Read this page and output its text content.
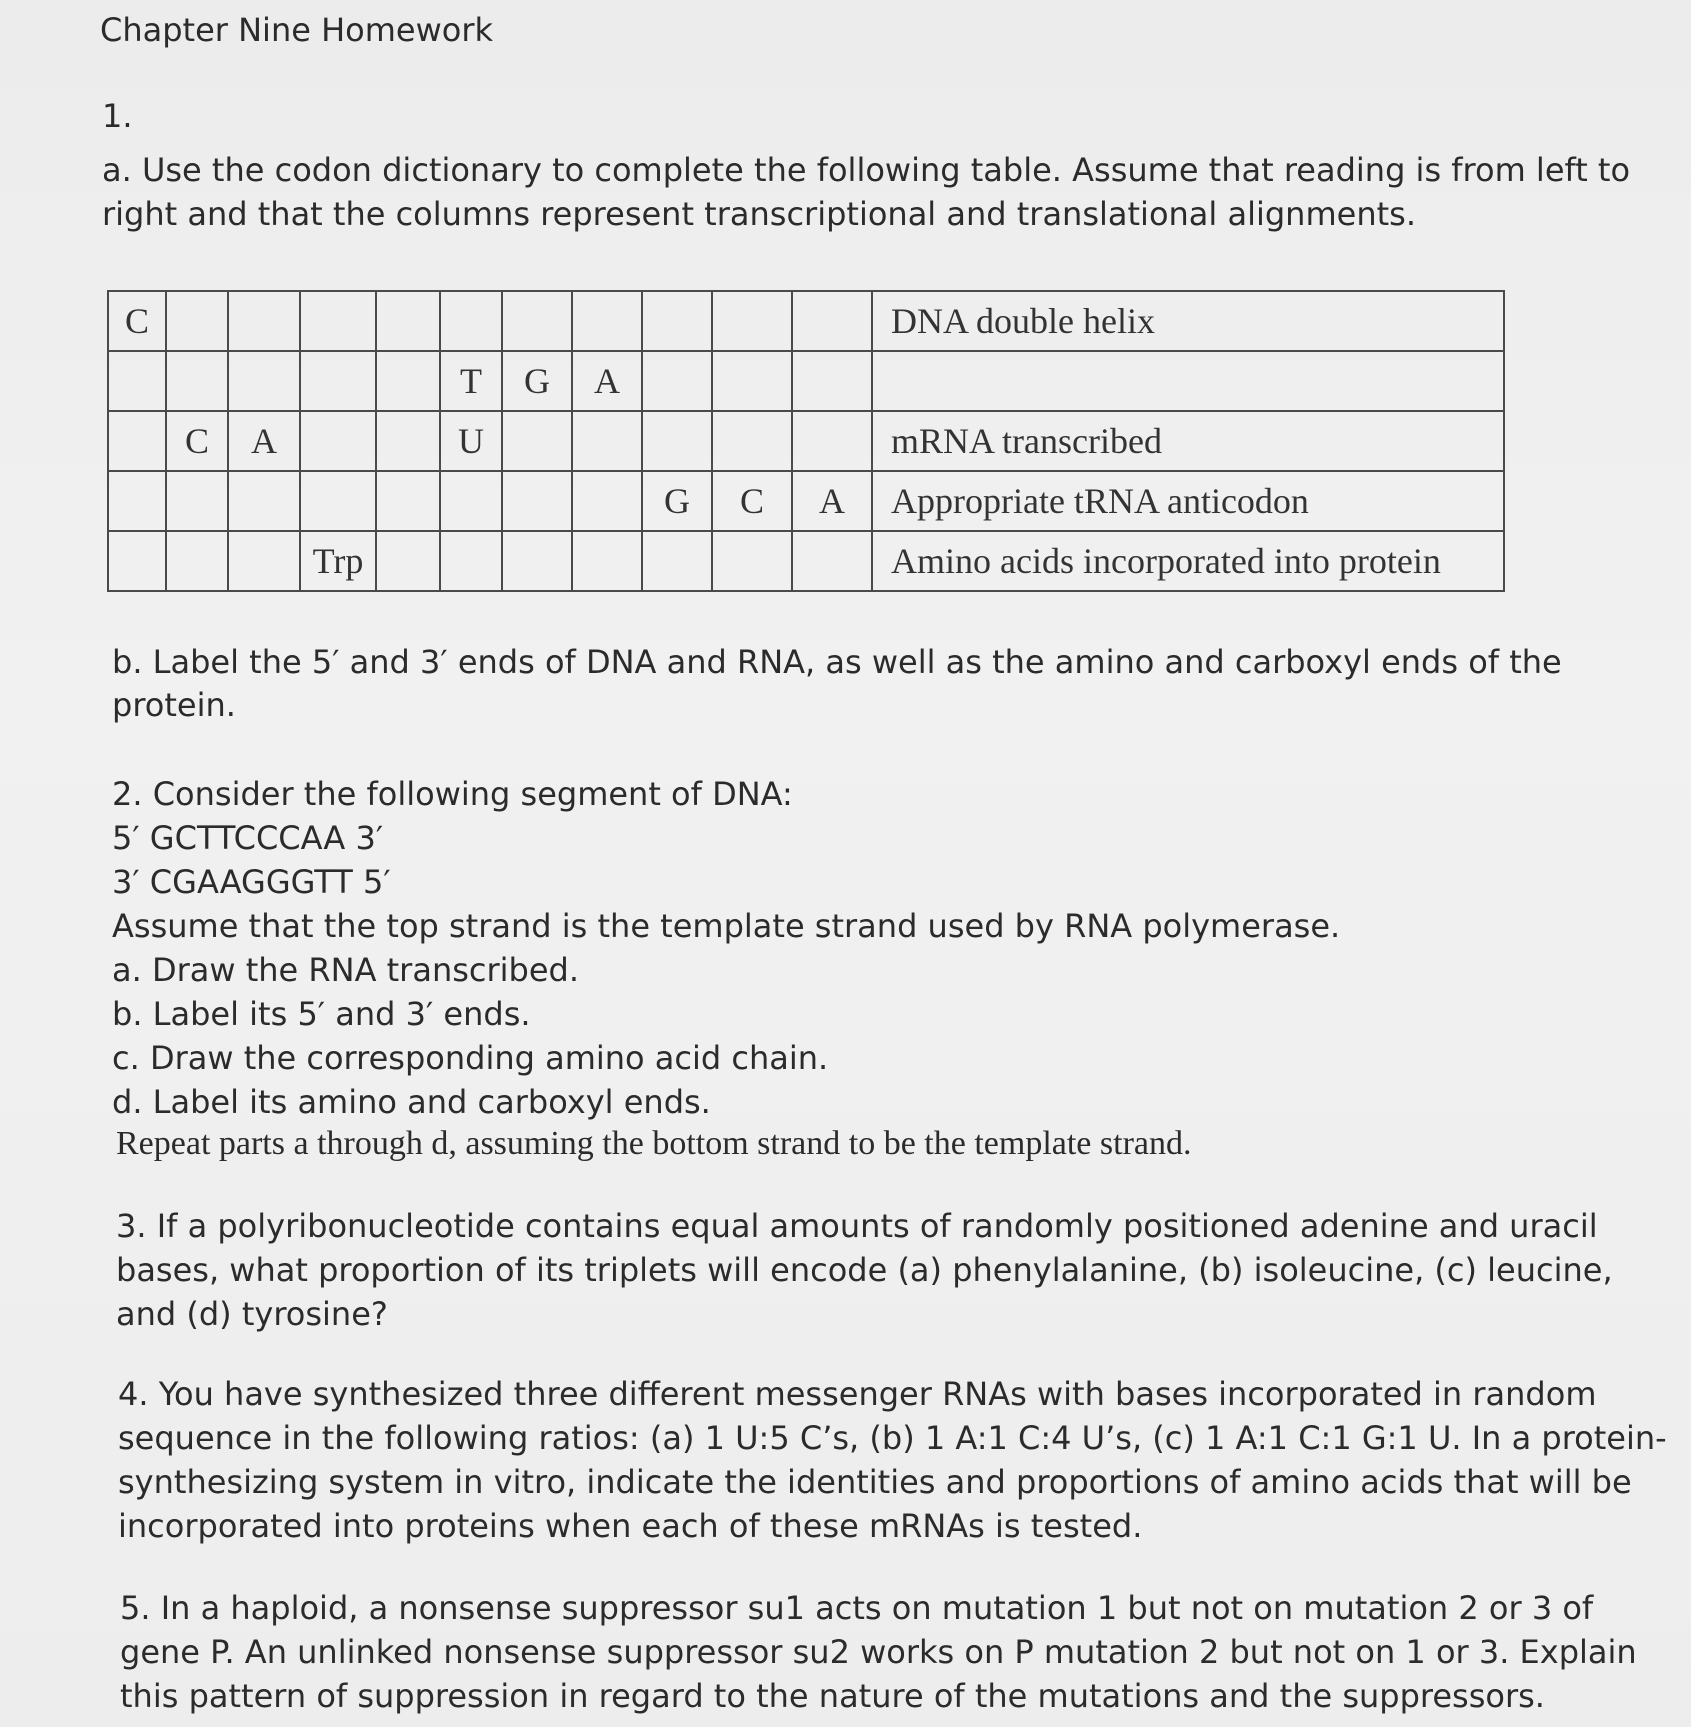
Chapter Nine Homework
1.
a. Use the codon dictionary to complete the following table. Assume that reading is from left to
right and that the columns represent transcriptional and translational alignments.
C											DNA double helix
					T	G	A				
	C	A			U						mRNA transcribed
								G	C	A	Appropriate tRNA anticodon
			Trp								Amino acids incorporated into protein
b. Label the 5′ and 3′ ends of DNA and RNA, as well as the amino and carboxyl ends of the
protein.
2. Consider the following segment of DNA:
5′ GCTTCCCAA 3′
3′ CGAAGGGTT 5′
Assume that the top strand is the template strand used by RNA polymerase.
a. Draw the RNA transcribed.
b. Label its 5′ and 3′ ends.
c. Draw the corresponding amino acid chain.
d. Label its amino and carboxyl ends.
Repeat parts a through d, assuming the bottom strand to be the template strand.
3. If a polyribonucleotide contains equal amounts of randomly positioned adenine and uracil
bases, what proportion of its triplets will encode (a) phenylalanine, (b) isoleucine, (c) leucine,
and (d) tyrosine?
4. You have synthesized three different messenger RNAs with bases incorporated in random
sequence in the following ratios: (a) 1 U:5 C’s, (b) 1 A:1 C:4 U’s, (c) 1 A:1 C:1 G:1 U. In a protein-
synthesizing system in vitro, indicate the identities and proportions of amino acids that will be
incorporated into proteins when each of these mRNAs is tested.
5. In a haploid, a nonsense suppressor su1 acts on mutation 1 but not on mutation 2 or 3 of
gene P. An unlinked nonsense suppressor su2 works on P mutation 2 but not on 1 or 3. Explain
this pattern of suppression in regard to the nature of the mutations and the suppressors.
